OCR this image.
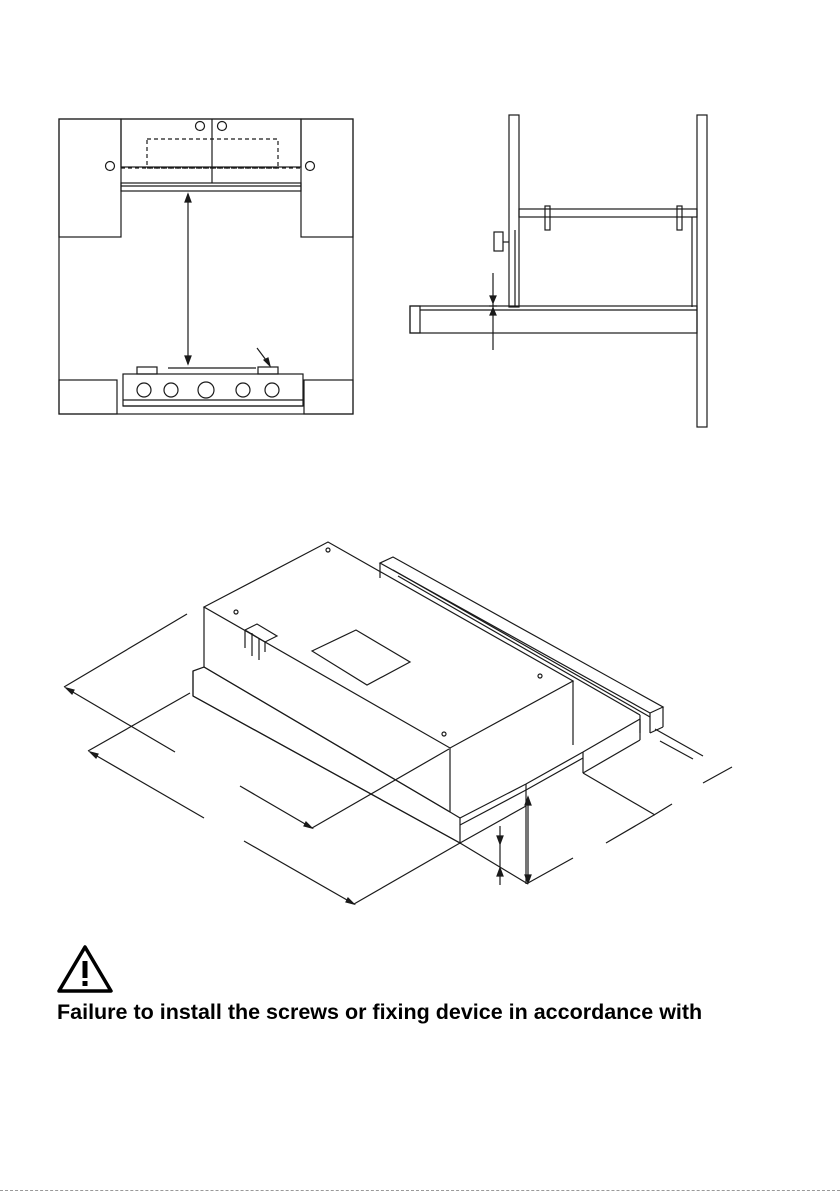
Failure to install the screws or fixing device in accordance with
